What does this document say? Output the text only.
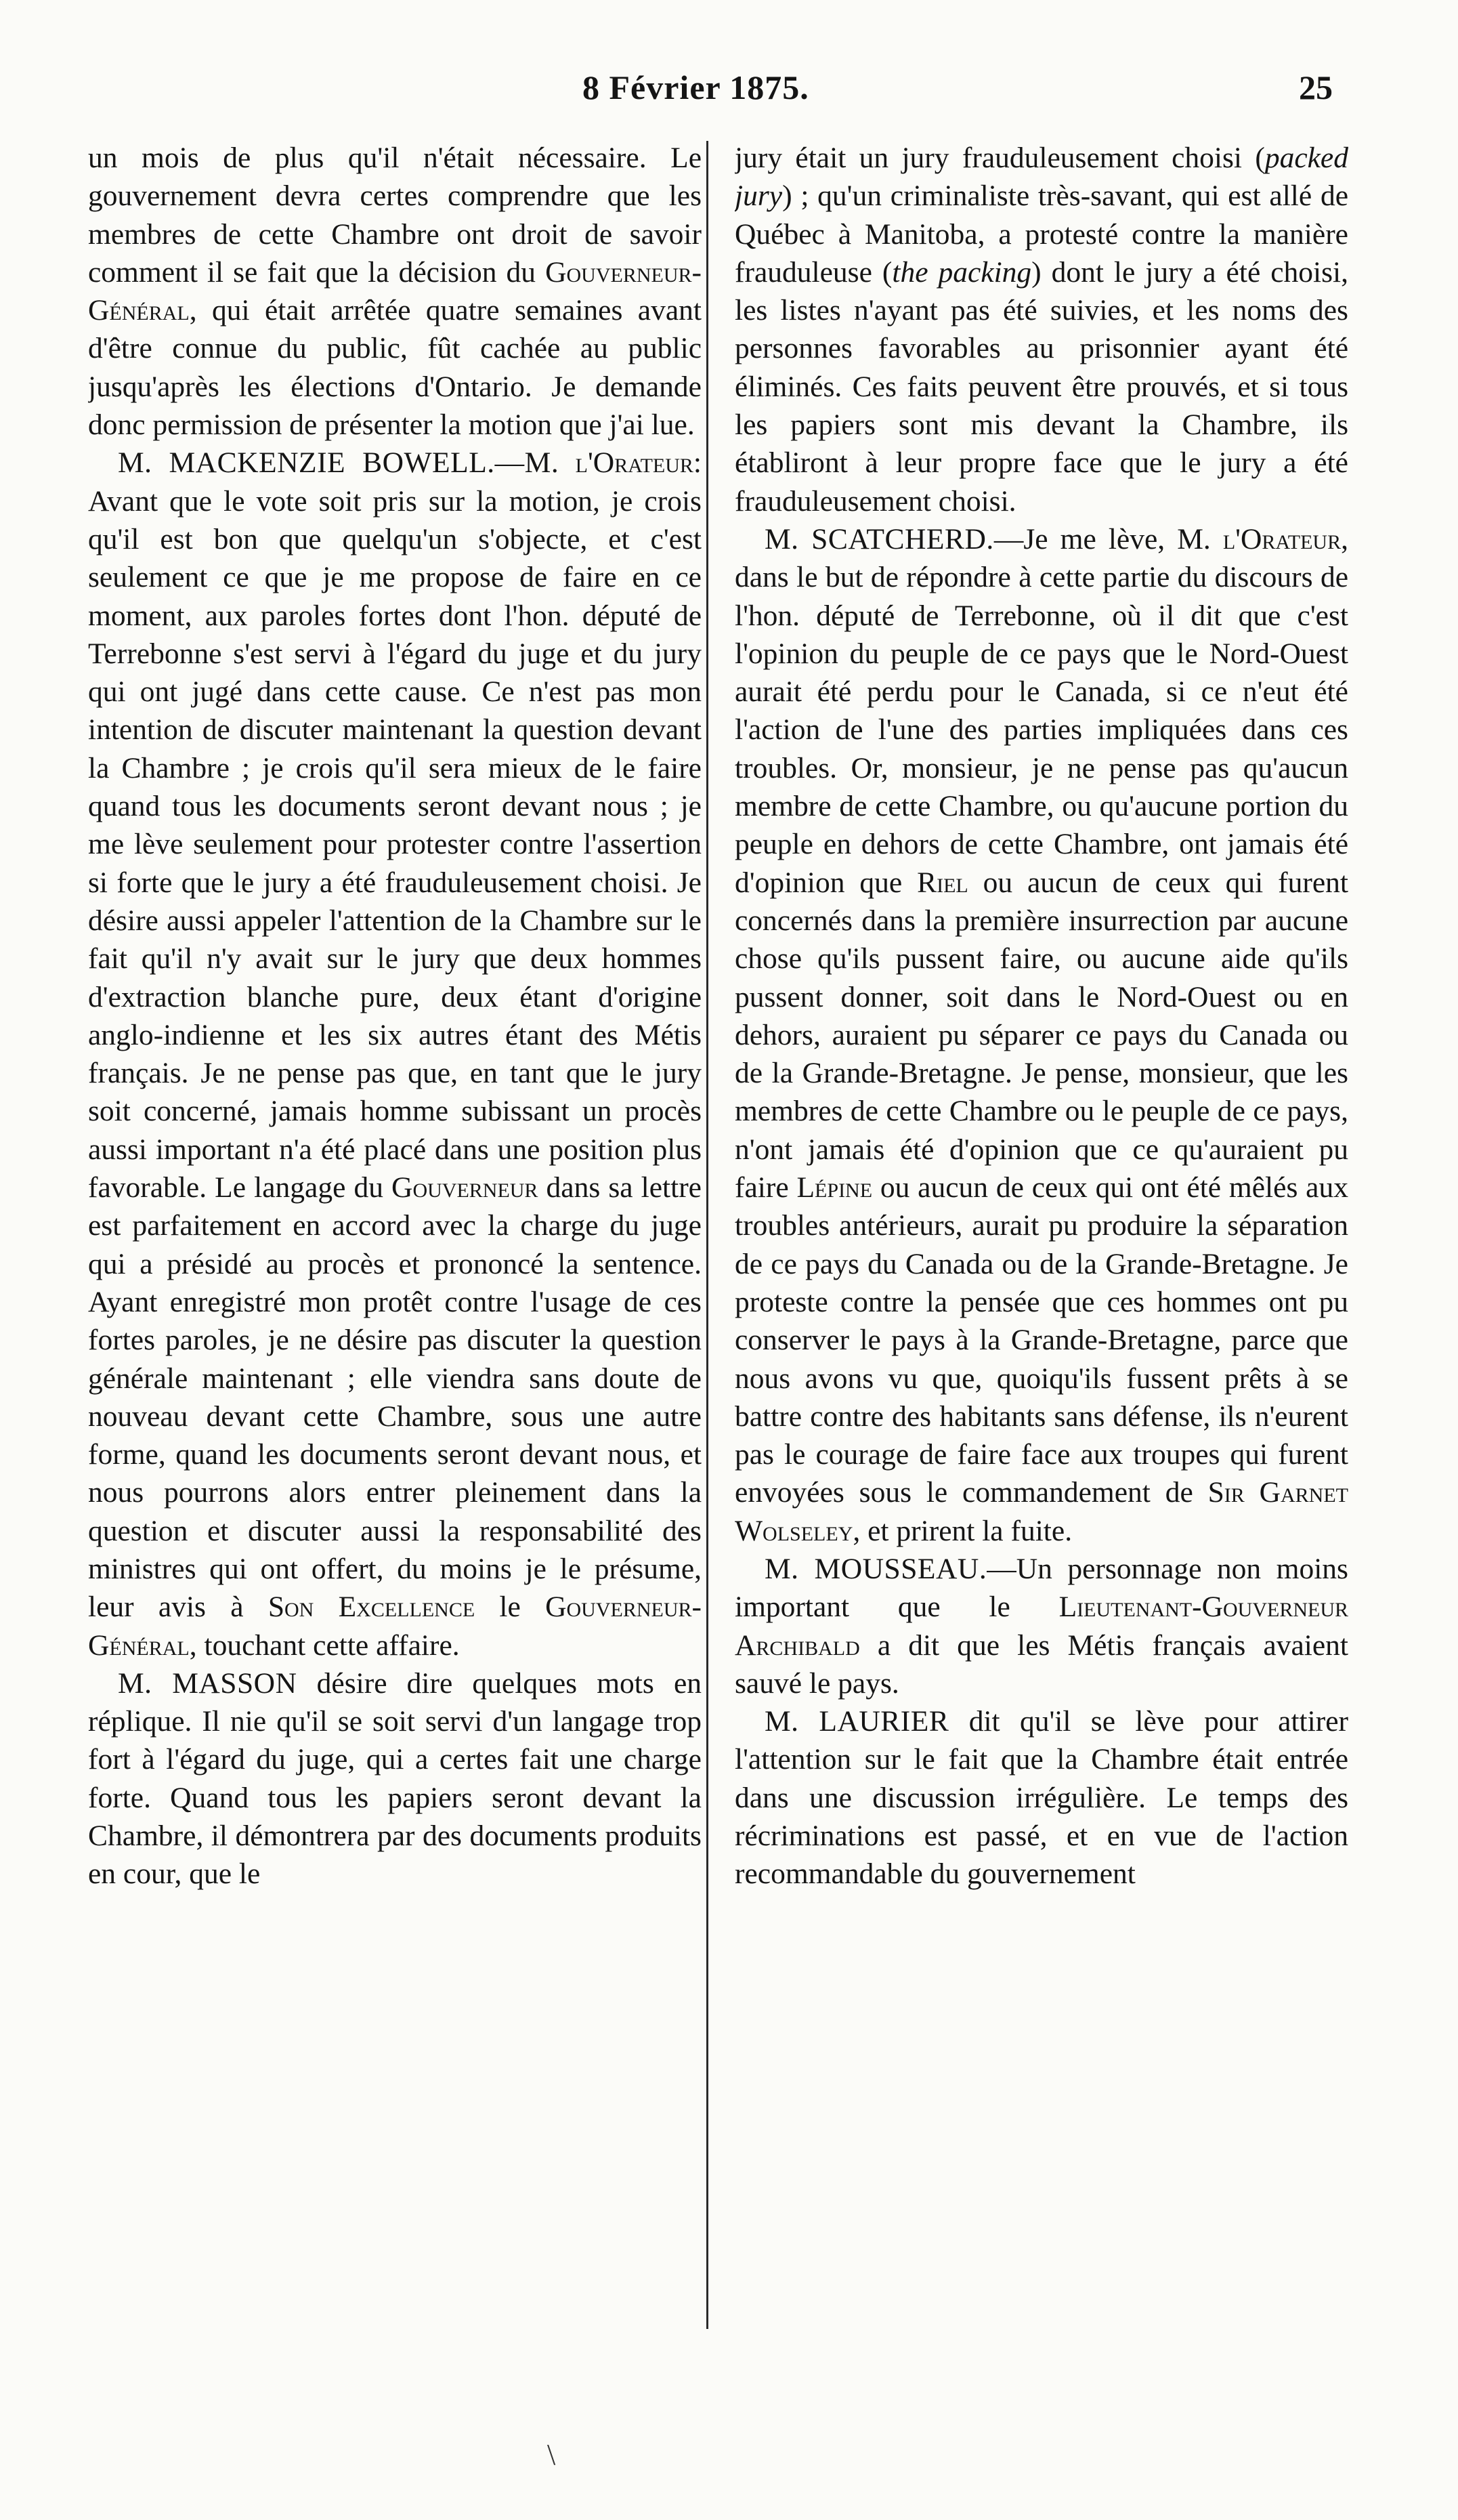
8 Février 1875.	25

un mois de plus qu'il n'était nécessaire. Le gouvernement devra certes comprendre que les membres de cette Chambre ont droit de savoir comment il se fait que la décision du Gouverneur-Général, qui était arrêtée quatre semaines avant d'être connue du public, fût cachée au public jusqu'après les élections d'Ontario. Je demande donc permission de présenter la motion que j'ai lue.

M. MACKENZIE BOWELL.—M. l'Orateur: Avant que le vote soit pris sur la motion, je crois qu'il est bon que quelqu'un s'objecte, et c'est seulement ce que je me propose de faire en ce moment, aux paroles fortes dont l'hon. député de Terrebonne s'est servi à l'égard du juge et du jury qui ont jugé dans cette cause. Ce n'est pas mon intention de discuter maintenant la question devant la Chambre ; je crois qu'il sera mieux de le faire quand tous les documents seront devant nous ; je me lève seulement pour protester contre l'assertion si forte que le jury a été frauduleusement choisi. Je désire aussi appeler l'attention de la Chambre sur le fait qu'il n'y avait sur le jury que deux hommes d'extraction blanche pure, deux étant d'origine anglo-indienne et les six autres étant des Métis français. Je ne pense pas que, en tant que le jury soit concerné, jamais homme subissant un procès aussi important n'a été placé dans une position plus favorable. Le langage du Gouverneur dans sa lettre est parfaitement en accord avec la charge du juge qui a présidé au procès et prononcé la sentence. Ayant enregistré mon protêt contre l'usage de ces fortes paroles, je ne désire pas discuter la question générale maintenant ; elle viendra sans doute de nouveau devant cette Chambre, sous une autre forme, quand les documents seront devant nous, et nous pourrons alors entrer pleinement dans la question et discuter aussi la responsabilité des ministres qui ont offert, du moins je le présume, leur avis à Son Excellence le Gouverneur-Général, touchant cette affaire.

M. MASSON désire dire quelques mots en réplique. Il nie qu'il se soit servi d'un langage trop fort à l'égard du juge, qui a certes fait une charge forte. Quand tous les papiers seront devant la Chambre, il démontrera par des documents produits en cour, que le

jury était un jury frauduleusement choisi (packed jury) ; qu'un criminaliste très-savant, qui est allé de Québec à Manitoba, a protesté contre la manière frauduleuse (the packing) dont le jury a été choisi, les listes n'ayant pas été suivies, et les noms des personnes favorables au prisonnier ayant été éliminés. Ces faits peuvent être prouvés, et si tous les papiers sont mis devant la Chambre, ils établiront à leur propre face que le jury a été frauduleusement choisi.

M. SCATCHERD.—Je me lève, M. l'Orateur, dans le but de répondre à cette partie du discours de l'hon. député de Terrebonne, où il dit que c'est l'opinion du peuple de ce pays que le Nord-Ouest aurait été perdu pour le Canada, si ce n'eut été l'action de l'une des parties impliquées dans ces troubles. Or, monsieur, je ne pense pas qu'aucun membre de cette Chambre, ou qu'aucune portion du peuple en dehors de cette Chambre, ont jamais été d'opinion que Riel ou aucun de ceux qui furent concernés dans la première insurrection par aucune chose qu'ils pussent faire, ou aucune aide qu'ils pussent donner, soit dans le Nord-Ouest ou en dehors, auraient pu séparer ce pays du Canada ou de la Grande-Bretagne. Je pense, monsieur, que les membres de cette Chambre ou le peuple de ce pays, n'ont jamais été d'opinion que ce qu'auraient pu faire Lépine ou aucun de ceux qui ont été mêlés aux troubles antérieurs, aurait pu produire la séparation de ce pays du Canada ou de la Grande-Bretagne. Je proteste contre la pensée que ces hommes ont pu conserver le pays à la Grande-Bretagne, parce que nous avons vu que, quoiqu'ils fussent prêts à se battre contre des habitants sans défense, ils n'eurent pas le courage de faire face aux troupes qui furent envoyées sous le commandement de Sir Garnet Wolseley, et prirent la fuite.

M. MOUSSEAU.—Un personnage non moins important que le Lieutenant-Gouverneur Archibald a dit que les Métis français avaient sauvé le pays.

M. LAURIER dit qu'il se lève pour attirer l'attention sur le fait que la Chambre était entrée dans une discussion irrégulière. Le temps des récriminations est passé, et en vue de l'action recommandable du gouvernement

\
